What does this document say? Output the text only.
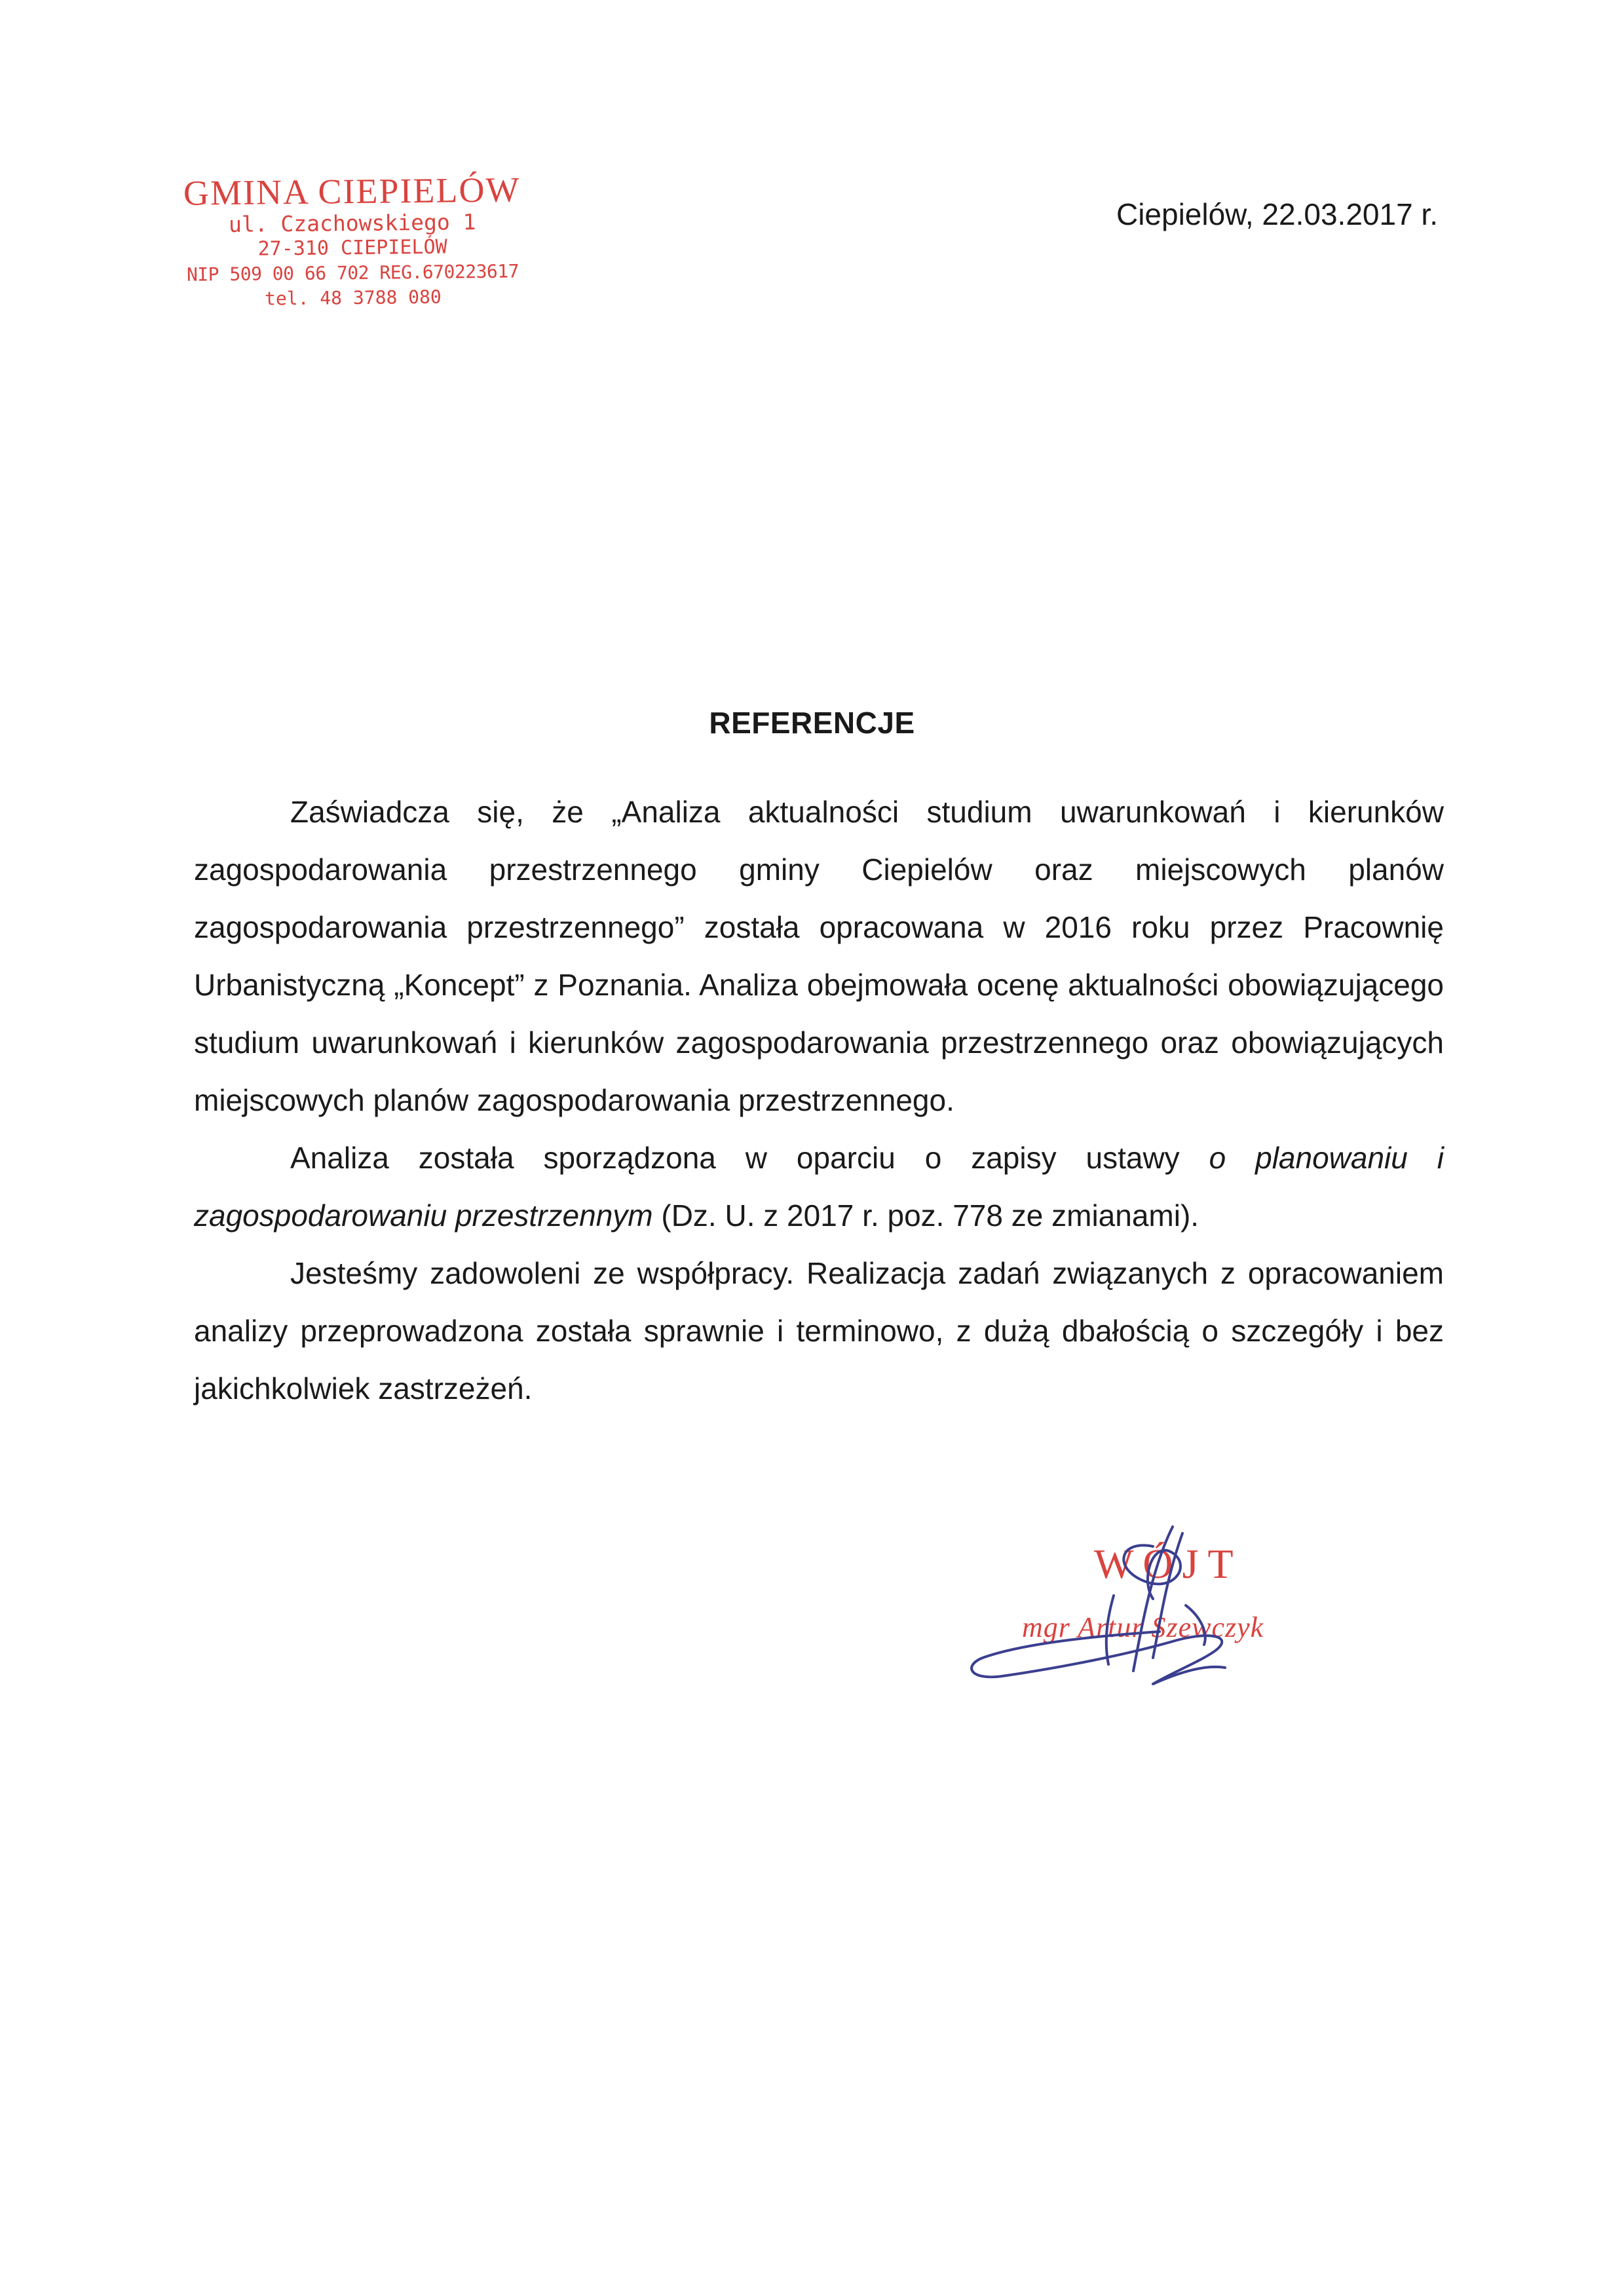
GMINA CIEPIELÓW
ul. Czachowskiego 1
27-310 CIEPIELÓW
NIP 509 00 66 702 REG.670223617
tel. 48 3788 080
Ciepielów, 22.03.2017 r.
REFERENCJE

Zaświadcza się, że „Analiza aktualności studium uwarunkowań i kierunków zagospodarowania przestrzennego gminy Ciepielów oraz miejscowych planów zagospodarowania przestrzennego” została opracowana w 2016 roku przez Pracownię Urbanistyczną „Koncept” z Poznania. Analiza obejmowała ocenę aktualności obowiązującego studium uwarunkowań i kierunków zagospodarowania przestrzennego oraz obowiązujących miejscowych planów zagospodarowania przestrzennego.

Analiza została sporządzona w oparciu o zapisy ustawy o planowaniu i zagospodarowaniu przestrzennym (Dz. U. z 2017 r. poz. 778 ze zmianami).

Jesteśmy zadowoleni ze współpracy. Realizacja zadań związanych z opracowaniem analizy przeprowadzona została sprawnie i terminowo, z dużą dbałością o szczegóły i bez jakichkolwiek zastrzeżeń.

WÓJT
mgr Artur Szewczyk
